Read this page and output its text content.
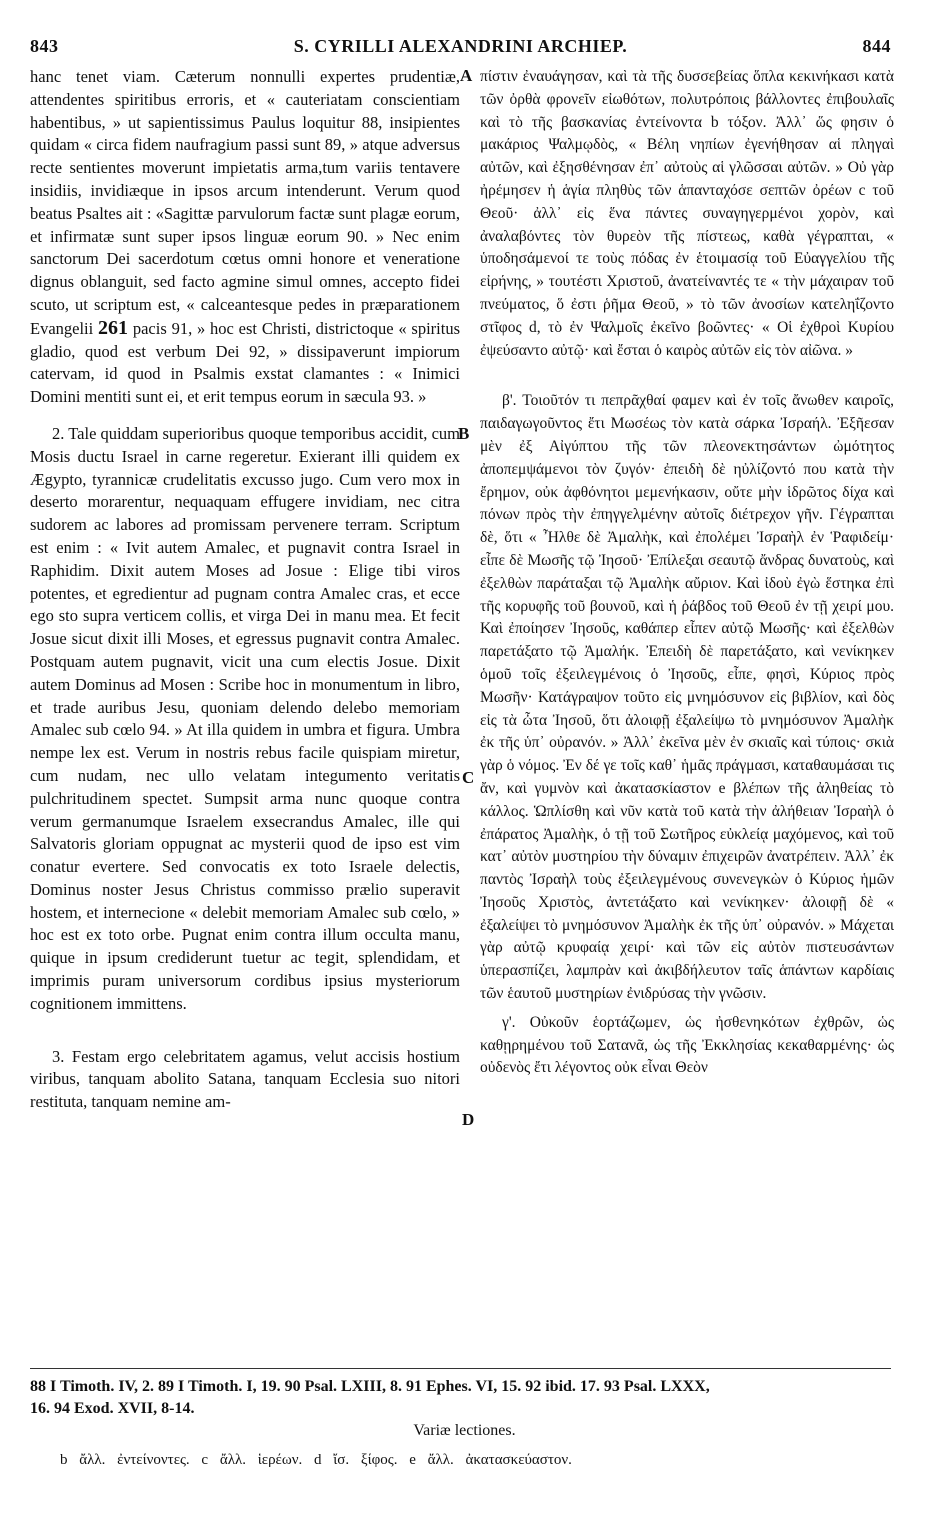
843	S. CYRILLI ALEXANDRINI ARCHIEP.	844

hanc tenet viam. Cæterum nonnulli expertes prudentiæ, attendentes spiritibus erroris, et « cauteriatam conscientiam habentibus, » ut sapientissimus Paulus loquitur 88, insipientes quidam « circa fidem naufragium passi sunt 89, » atque adversus recte sentientes moverunt impietatis arma,tum variis tentavere insidiis, invidiæque in ipsos arcum intenderunt. Verum quod beatus Psaltes ait : «Sagittæ parvulorum factæ sunt plagæ eorum, et infirmatæ sunt super ipsos linguæ eorum 90. » Nec enim sanctorum Dei sacerdotum cœtus omni honore et veneratione dignus oblanguit, sed facto agmine simul omnes, accepto fidei scuto, ut scriptum est, « calceantesque pedes in præparationem Evangelii 261 pacis 91, » hoc est Christi, districtoque « spiritus gladio, quod est verbum Dei 92, » dissipaverunt impiorum catervam, id quod in Psalmis exstat clamantes : « Inimici Domini mentiti sunt ei, et erit tempus eorum in sæcula 93. »

2. Tale quiddam superioribus quoque temporibus accidit, cum Mosis ductu Israel in carne regeretur. Exierant illi quidem ex Ægypto, tyrannicæ crudelitatis excusso jugo. Cum vero mox in deserto morarentur, nequaquam effugere invidiam, nec citra sudorem ac labores ad promissam pervenere terram. Scriptum est enim : « Ivit autem Amalec, et pugnavit contra Israel in Raphidim. Dixit autem Moses ad Josue : Elige tibi viros potentes, et egredientur ad pugnam contra Amalec cras, et ecce ego sto supra verticem collis, et virga Dei in manu mea. Et fecit Josue sicut dixit illi Moses, et egressus pugnavit contra Amalec. Postquam autem pugnavit, vicit una cum electis Josue. Dixit autem Dominus ad Mosen : Scribe hoc in monumentum in libro, et trade auribus Jesu, quoniam delendo delebo memoriam Amalec sub cœlo 94. » At illa quidem in umbra et figura. Umbra nempe lex est. Verum in nostris rebus facile quispiam miretur, cum nudam, nec ullo velatam integumento veritatis pulchritudinem spectet. Sumpsit arma nunc quoque contra verum germanumque Israelem exsecrandus Amalec, ille qui Salvatoris gloriam oppugnat ac mysterii quod de ipso est vim conatur evertere. Sed convocatis ex toto Israele delectis, Dominus noster Jesus Christus commisso prælio superavit hostem, et internecione « delebit memoriam Amalec sub cœlo, » hoc est ex toto orbe. Pugnat enim contra illum occulta manu, quique in ipsum crediderunt tuetur ac tegit, splendidam, et imprimis puram universorum cordibus ipsius mysteriorum cognitionem immittens.

3. Festam ergo celebritatem agamus, velut accisis hostium viribus, tanquam abolito Satana, tanquam Ecclesia suo nitori restituta, tanquam nemine am-

A
B
C
D

πίστιν ἐναυάγησαν, καὶ τὰ τῆς δυσσεβείας ὅπλα κεκινήκασι κατὰ τῶν ὀρθὰ φρονεῖν εἰωθότων, πολυτρόποις βάλλοντες ἐπιβουλαῖς καὶ τὸ τῆς βασκανίας ἐντείνοντα b τόξον. Ἀλλ᾽ ὥς φησιν ὁ μακάριος Ψαλμῳδὸς, « Βέλη νηπίων ἐγενήθησαν αἱ πληγαὶ αὐτῶν, καὶ ἐξησθένησαν ἐπ᾽ αὐτοὺς αἱ γλῶσσαι αὐτῶν. » Οὐ γὰρ ἠρέμησεν ἡ ἁγία πληθὺς τῶν ἁπανταχόσε σεπτῶν ὀρέων c τοῦ Θεοῦ· ἀλλ᾽ εἰς ἕνα πάντες συναγηγερμένοι χορὸν, καὶ ἀναλαβόντες τὸν θυρεὸν τῆς πίστεως, καθὰ γέγραπται, « ὑποδησάμενοί τε τοὺς πόδας ἐν ἑτοιμασίᾳ τοῦ Εὐαγγελίου τῆς εἰρήνης, » τουτέστι Χριστοῦ, ἀνατείναντές τε « τὴν μάχαιραν τοῦ πνεύματος, ὅ ἐστι ῥῆμα Θεοῦ, » τὸ τῶν ἀνοσίων κατεληΐζοντο στῖφος d, τὸ ἐν Ψαλμοῖς ἐκεῖνο βοῶντες· « Οἱ ἐχθροὶ Κυρίου ἐψεύσαντο αὐτῷ· καὶ ἔσται ὁ καιρὸς αὐτῶν εἰς τὸν αἰῶνα. »

β'. Τοιοῦτόν τι πεπρᾶχθαί φαμεν καὶ ἐν τοῖς ἄνωθεν καιροῖς, παιδαγωγοῦντος ἔτι Μωσέως τὸν κατὰ σάρκα Ἰσραήλ. Ἐξῆεσαν μὲν ἐξ Αἰγύπτου τῆς τῶν πλεονεκτησάντων ὠμότητος ἀποπεμψάμενοι τὸν ζυγόν· ἐπειδὴ δὲ ηὐλίζοντό που κατὰ τὴν ἔρημον, οὐκ ἀφθόνητοι μεμενήκασιν, οὔτε μὴν ἱδρῶτος δίχα καὶ πόνων πρὸς τὴν ἐπηγγελμένην αὐτοῖς διέτρεχον γῆν. Γέγραπται δὲ, ὅτι « Ἦλθε δὲ Ἀμαλὴκ, καὶ ἐπολέμει Ἰσραὴλ ἐν Ῥαφιδείμ· εἶπε δὲ Μωσῆς τῷ Ἰησοῦ· Ἐπίλεξαι σεαυτῷ ἄνδρας δυνατοὺς, καὶ ἐξελθὼν παράταξαι τῷ Ἀμαλὴκ αὔριον. Καὶ ἰδοὺ ἐγὼ ἕστηκα ἐπὶ τῆς κορυφῆς τοῦ βουνοῦ, καὶ ἡ ῥάβδος τοῦ Θεοῦ ἐν τῇ χειρί μου. Καὶ ἐποίησεν Ἰησοῦς, καθάπερ εἶπεν αὐτῷ Μωσῆς· καὶ ἐξελθὼν παρετάξατο τῷ Ἀμαλήκ. Ἐπειδὴ δὲ παρετάξατο, καὶ νενίκηκεν ὁμοῦ τοῖς ἐξειλεγμένοις ὁ Ἰησοῦς, εἶπε, φησὶ, Κύριος πρὸς Μωσῆν· Κατάγραψον τοῦτο εἰς μνημόσυνον εἰς βιβλίον, καὶ δὸς εἰς τὰ ὦτα Ἰησοῦ, ὅτι ἀλοιφῇ ἐξαλείψω τὸ μνημόσυνον Ἀμαλὴκ ἐκ τῆς ὑπ᾽ οὐρανόν. » Ἀλλ᾽ ἐκεῖνα μὲν ἐν σκιαῖς καὶ τύποις· σκιὰ γὰρ ὁ νόμος. Ἐν δέ γε τοῖς καθ᾽ ἡμᾶς πράγμασι, καταθαυμάσαι τις ἄν, καὶ γυμνὸν καὶ ἀκατασκίαστον e βλέπων τῆς ἀληθείας τὸ κάλλος. Ὡπλίσθη καὶ νῦν κατὰ τοῦ κατὰ τὴν ἀλήθειαν Ἰσραὴλ ὁ ἐπάρατος Ἀμαλὴκ, ὁ τῇ τοῦ Σωτῆρος εὐκλείᾳ μαχόμενος, καὶ τοῦ κατ᾽ αὐτὸν μυστηρίου τὴν δύναμιν ἐπιχειρῶν ἀνατρέπειν. Ἀλλ᾽ ἐκ παντὸς Ἰσραὴλ τοὺς ἐξειλεγμένους συνενεγκὼν ὁ Κύριος ἡμῶν Ἰησοῦς Χριστὸς, ἀντετάξατο καὶ νενίκηκεν· ἀλοιφῇ δὲ « ἐξαλείψει τὸ μνημόσυνον Ἀμαλὴκ ἐκ τῆς ὑπ᾽ οὐρανόν. » Μάχεται γὰρ αὐτῷ κρυφαίᾳ χειρί· καὶ τῶν εἰς αὐτὸν πιστευσάντων ὑπερασπίζει, λαμπρὰν καὶ ἀκιβδήλευτον ταῖς ἁπάντων καρδίαις τῶν ἑαυτοῦ μυστηρίων ἐνιδρύσας τὴν γνῶσιν.

γ'. Οὐκοῦν ἑορτάζωμεν, ὡς ἠσθενηκότων ἐχθρῶν, ὡς καθῃρημένου τοῦ Σατανᾶ, ὡς τῆς Ἐκκλησίας κεκαθαρμένης· ὡς οὐδενὸς ἔτι λέγοντος οὐκ εἶναι Θεὸν

88 I Timoth. IV, 2. 89 I Timoth. I, 19. 90 Psal. LXIII, 8. 91 Ephes. VI, 15. 92 ibid. 17. 93 Psal. LXXX,
16. 94 Exod. XVII, 8-14.
Variæ lectiones.
b ἄλλ. ἐντείνοντες. c ἄλλ. ἱερέων. d ἴσ. ξίφος. e ἄλλ. ἀκατασκεύαστον.
